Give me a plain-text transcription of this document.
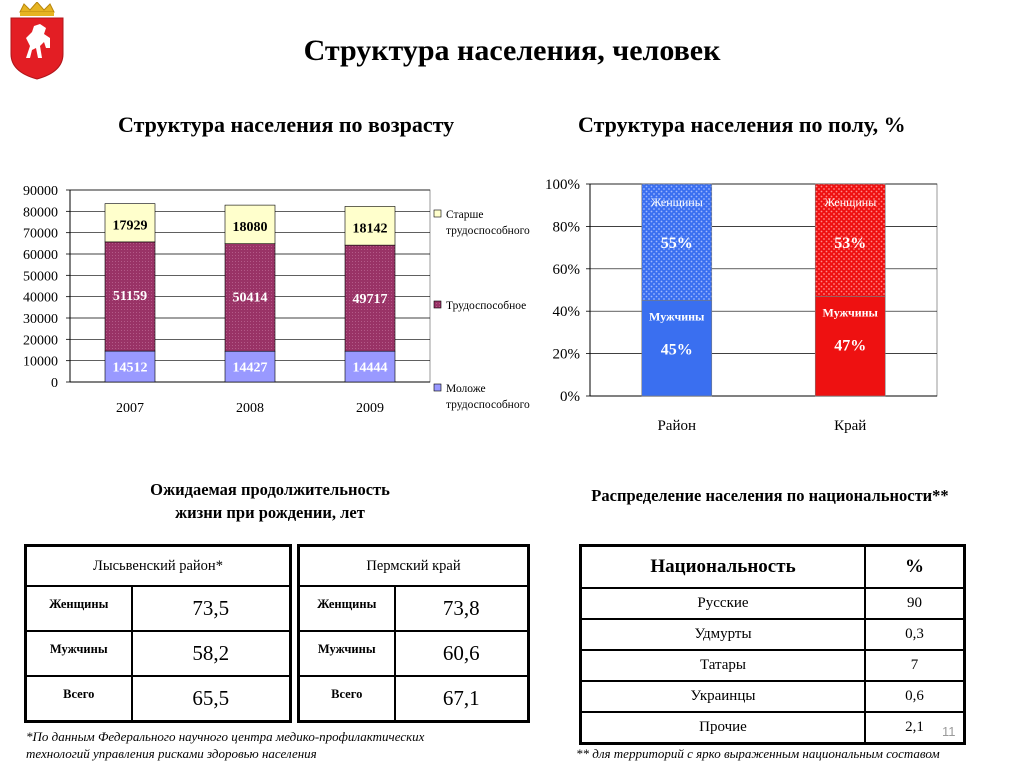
Структура населения, человек
Структура населения по возрасту	Структура населения по полу, %
0
10000
20000
30000
40000
50000
60000
70000
80000
90000
14512
51159
17929
2007
14427
50414
18080
2008
14444
49717
18142
2009
Старше трудоспособного
Трудоспособное
Моложе трудоспособного 0%
20%
40%
60%
80%
100%
Женщины
55%
Мужчины
45%
Район
Женщины
53%
Мужчины
47%
Край
Ожидаемая продолжительность
жизни при рождении, лет
Лысьвенский район*	
Женщины	73,5
Мужчины	58,2
Всего	65,5
Пермский край	
Женщины	73,8
Мужчины	60,6
Всего	67,1
Распределение населения по национальности**
Национальность	%
Русские	90
Удмурты	0,3
Татары	7
Украинцы	0,6
Прочие	2,1
*По данным Федерального научного центра медико-профилактических
технологий управления рисками здоровью населения	** для территорий с ярко выраженным национальным составом
11
